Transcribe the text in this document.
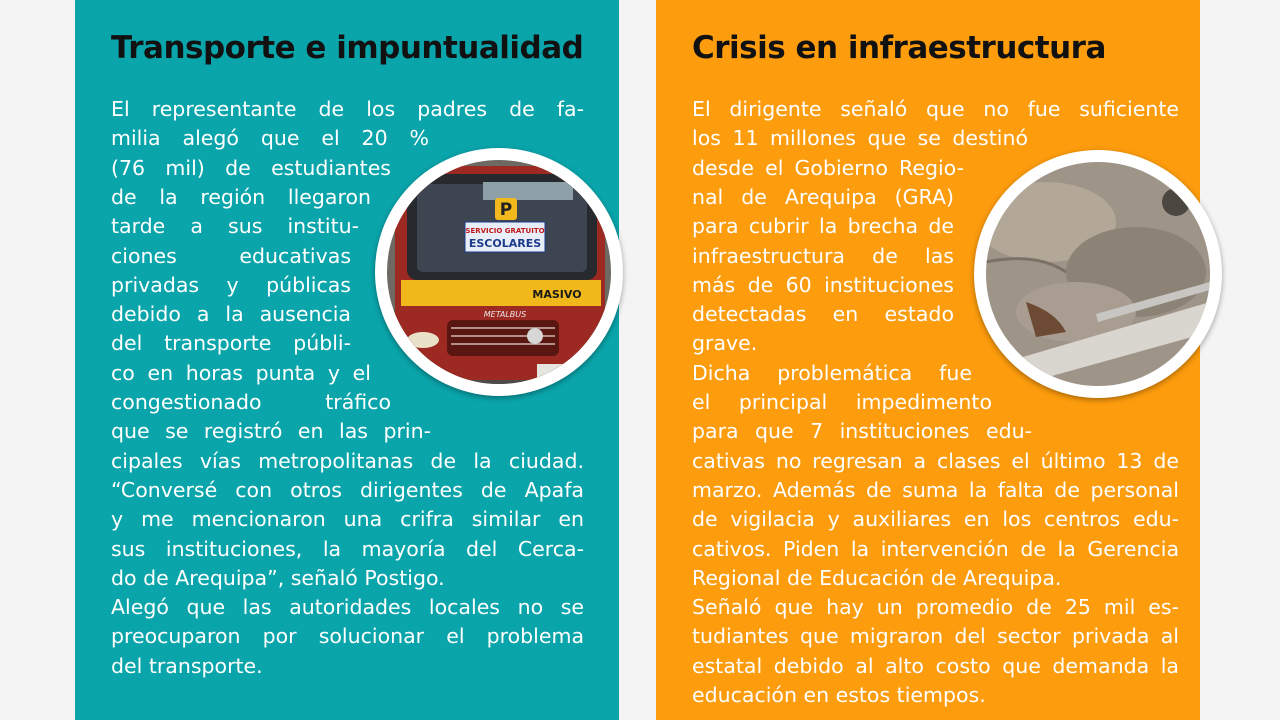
Transporte e impuntualidad
El representante de los padres de fa-
milia alegó que el 20 %
(76 mil) de estudiantes
de la región llegaron
tarde a sus institu-
ciones educativas
privadas y públicas
debido a la ausencia
del transporte públi-
co en horas punta y el
congestionado tráfico
que se registró en las prin-
cipales vías metropolitanas de la ciudad.
“Conversé con otros dirigentes de Apafa
y me mencionaron una crifra similar en
sus instituciones, la mayoría del Cerca-
do de Arequipa”, señaló Postigo.
Alegó que las autoridades locales no se
preocuparon por solucionar el problema
del transporte.
SERVICIO GRATUITO
ESCOLARES
P
MASIVO
METALBUS
Crisis en infraestructura
El dirigente señaló que no fue suficiente
los 11 millones que se destinó
desde el Gobierno Regio-
nal de Arequipa (GRA)
para cubrir la brecha de
infraestructura de las
más de 60 instituciones
detectadas en estado
grave.
Dicha problemática fue
el principal impedimento
para que 7 instituciones edu-
cativas no regresan a clases el último 13 de
marzo. Además de suma la falta de personal
de vigilacia y auxiliares en los centros edu-
cativos. Piden la intervención de la Gerencia
Regional de Educación de Arequipa.
Señaló que hay un promedio de 25 mil es-
tudiantes que migraron del sector privada al
estatal debido al alto costo que demanda la
educación en estos tiempos.
